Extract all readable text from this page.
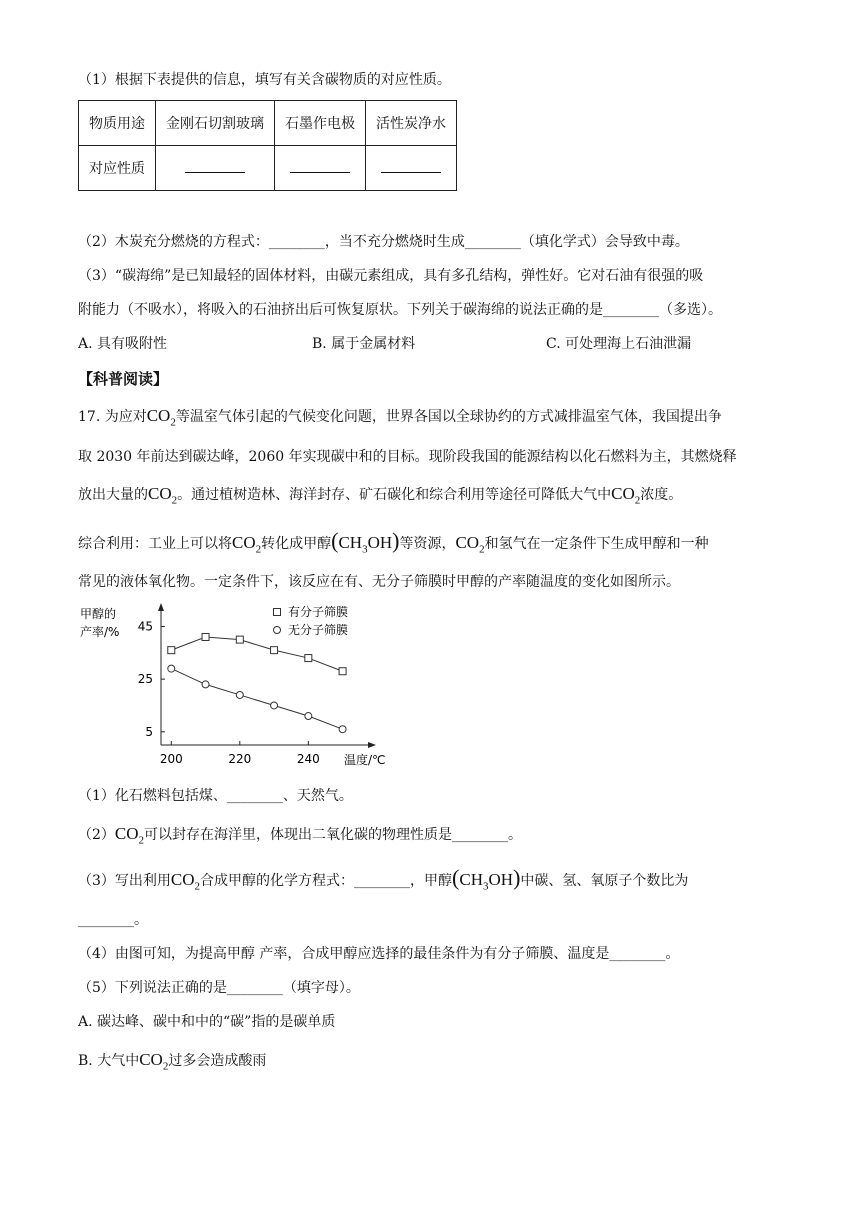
（1）根据下表提供的信息，填写有关含碳物质的对应性质。
物质用途	金刚石切割玻璃	石墨作电极	活性炭净水
对应性质			
（2）木炭充分燃烧的方程式：________，当不充分燃烧时生成________（填化学式）会导致中毒。
（3）“碳海绵”是已知最轻的固体材料，由碳元素组成，具有多孔结构，弹性好。它对石油有很强的吸
附能力（不吸水），将吸入的石油挤出后可恢复原状。下列关于碳海绵的说法正确的是________（多选）。
A. 具有吸附性	B. 属于金属材料	C. 可处理海上石油泄漏
【科普阅读】
17. 为应对$CO_2$等温室气体引起的气候变化问题，世界各国以全球协约的方式减排温室气体，我国提出争
取 2030 年前达到碳达峰，2060 年实现碳中和的目标。现阶段我国的能源结构以化石燃料为主，其燃烧释
放出大量的$CO_2$。通过植树造林、海洋封存、矿石碳化和综合利用等途径可降低大气中$CO_2$浓度。
综合利用：工业上可以将$CO_2$转化成甲醇$(CH_3OH)$等资源，$CO_2$和氢气在一定条件下生成甲醇和一种
常见的液体氧化物。一定条件下，该反应在有、无分子筛膜时甲醇的产率随温度的变化如图所示。
甲醇的
产率/%
温度/℃
5
25
45
200	220	240
有分子筛膜
无分子筛膜
（1）化石燃料包括煤、________、天然气。
$(2)CO_2$可以封存在海洋里，体现出二氧化碳的物理性质是________。
（3）写出利用$CO_2$合成甲醇的化学方程式：________，甲醇$(CH_3OH)$中碳、氢、氧原子个数比为
________。
（4）由图可知，为提高甲醇 产率，合成甲醇应选择的最佳条件为有分子筛膜、温度是________。
（5）下列说法正确的是________（填字母）。
A. 碳达峰、碳中和中的“碳”指的是碳单质
B. 大气中$CO_2$过多会造成酸雨
